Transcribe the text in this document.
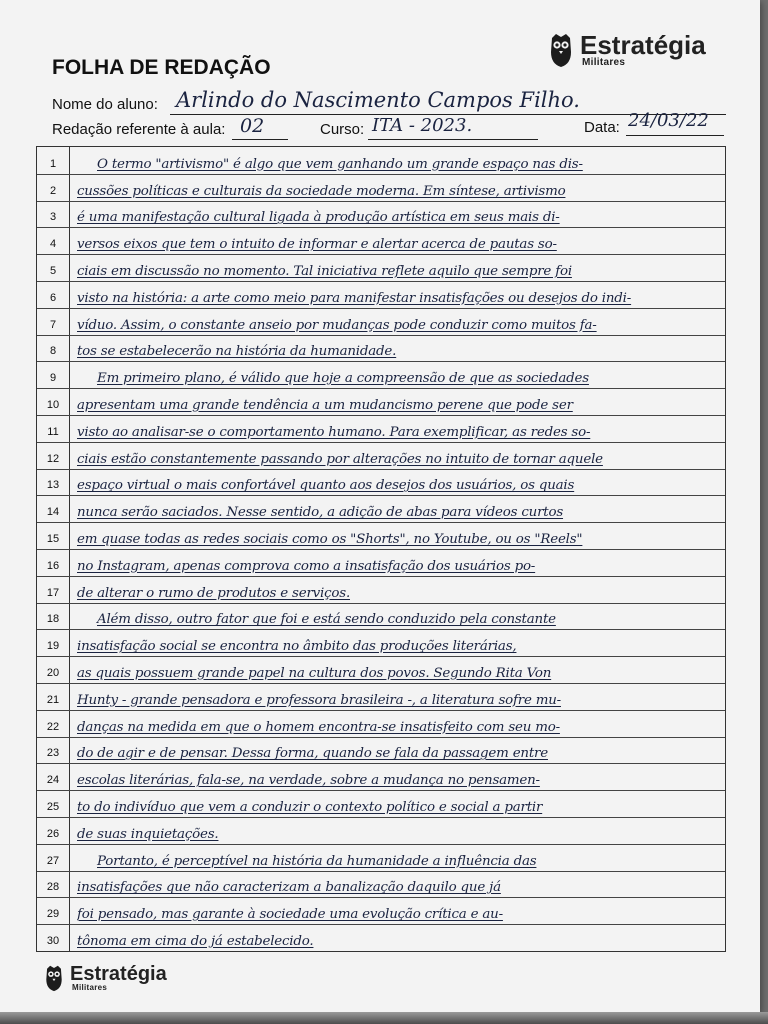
Estratégia
Militares
FOLHA DE REDAÇÃO
Nome do aluno: Arlindo do Nascimento Campos Filho.
Redação referente à aula: 02	Curso: ITA - 2023.	Data: 24/03/22
1	O termo "artivismo" é algo que vem ganhando um grande espaço nas dis-
2	cussões políticas e culturais da sociedade moderna. Em síntese, artivismo
3	é uma manifestação cultural ligada à produção artística em seus mais di-
4	versos eixos que tem o intuito de informar e alertar acerca de pautas so-
5	ciais em discussão no momento. Tal iniciativa reflete aquilo que sempre foi
6	visto na história: a arte como meio para manifestar insatisfações ou desejos do indi-
7	víduo. Assim, o constante anseio por mudanças pode conduzir como muitos fa-
8	tos se estabelecerão na história da humanidade.
9	Em primeiro plano, é válido que hoje a compreensão de que as sociedades
10	apresentam uma grande tendência a um mudancismo perene que pode ser
11	visto ao analisar-se o comportamento humano. Para exemplificar, as redes so-
12	ciais estão constantemente passando por alterações no intuito de tornar aquele
13	espaço virtual o mais confortável quanto aos desejos dos usuários, os quais
14	nunca serão saciados. Nesse sentido, a adição de abas para vídeos curtos
15	em quase todas as redes sociais como os "Shorts", no Youtube, ou os "Reels"
16	no Instagram, apenas comprova como a insatisfação dos usuários po-
17	de alterar o rumo de produtos e serviços.
18	Além disso, outro fator que foi e está sendo conduzido pela constante
19	insatisfação social se encontra no âmbito das produções literárias,
20	as quais possuem grande papel na cultura dos povos. Segundo Rita Von
21	Hunty - grande pensadora e professora brasileira -, a literatura sofre mu-
22	danças na medida em que o homem encontra-se insatisfeito com seu mo-
23	do de agir e de pensar. Dessa forma, quando se fala da passagem entre
24	escolas literárias, fala-se, na verdade, sobre a mudança no pensamen-
25	to do indivíduo que vem a conduzir o contexto político e social a partir
26	de suas inquietações.
27	Portanto, é perceptível na história da humanidade a influência das
28	insatisfações que não caracterizam a banalização daquilo que já
29	foi pensado, mas garante à sociedade uma evolução crítica e au-
30	tônoma em cima do já estabelecido.
Estratégia
Militares
